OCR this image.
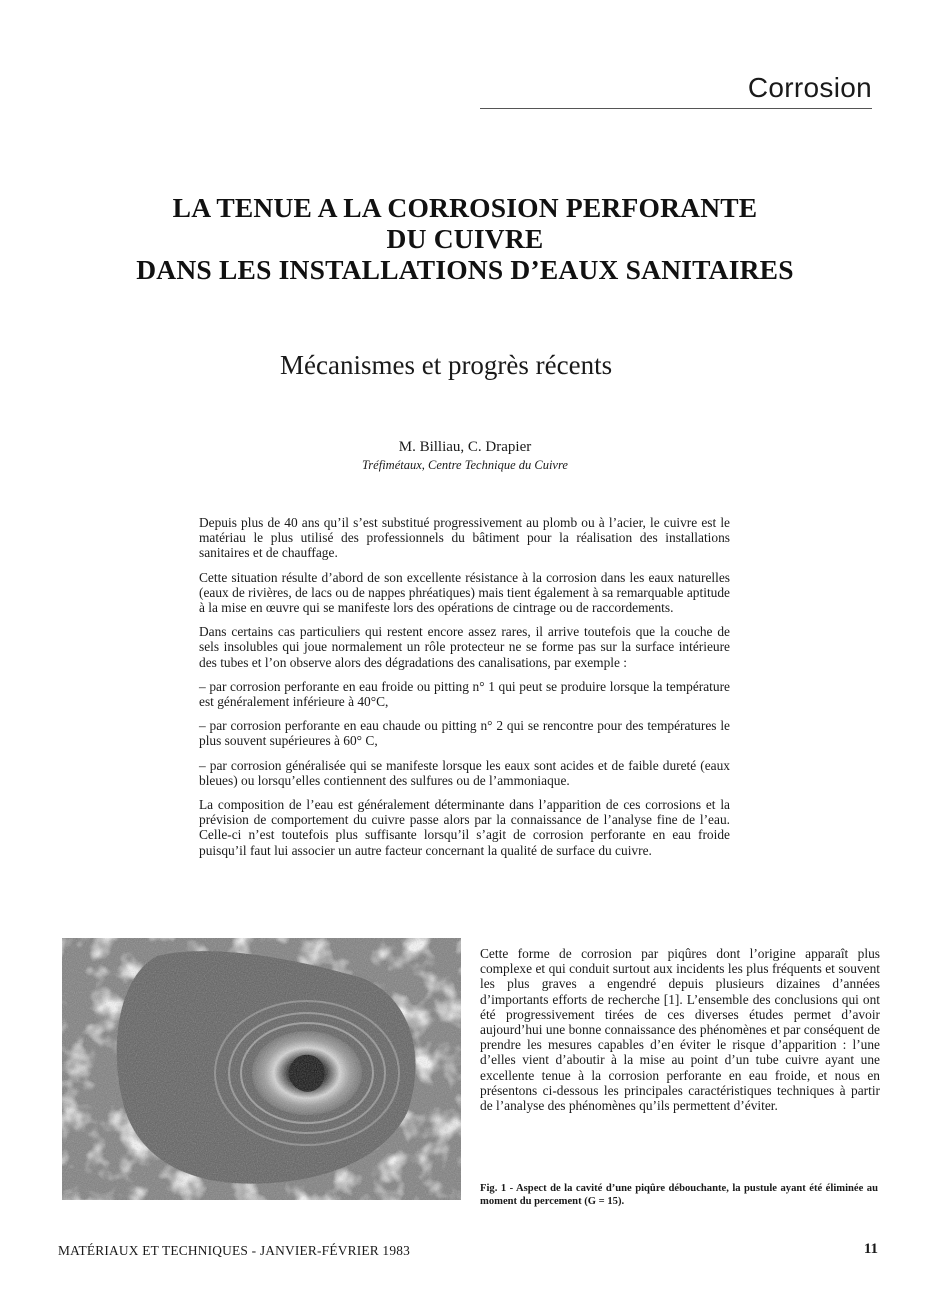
Corrosion
LA TENUE A LA CORROSION PERFORANTE
DU CUIVRE
DANS LES INSTALLATIONS D’EAUX SANITAIRES
Mécanismes et progrès récents
M. Billiau, C. Drapier
Tréfimétaux, Centre Technique du Cuivre

Depuis plus de 40 ans qu’il s’est substitué progressivement au plomb ou à l’acier, le cuivre est le matériau le plus utilisé des professionnels du bâtiment pour la réalisation des installations sanitaires et de chauffage.

Cette situation résulte d’abord de son excellente résistance à la corrosion dans les eaux naturelles (eaux de rivières, de lacs ou de nappes phréatiques) mais tient également à sa remarquable aptitude à la mise en œuvre qui se manifeste lors des opérations de cintrage ou de raccordements.

Dans certains cas particuliers qui restent encore assez rares, il arrive toutefois que la couche de sels insolubles qui joue normalement un rôle protecteur ne se forme pas sur la surface intérieure des tubes et l’on observe alors des dégradations des canalisations, par exemple :

– par corrosion perforante en eau froide ou pitting n° 1 qui peut se produire lorsque la température est généralement inférieure à 40°C,

– par corrosion perforante en eau chaude ou pitting n° 2 qui se rencontre pour des températures le plus souvent supérieures à 60° C,

– par corrosion généralisée qui se manifeste lorsque les eaux sont acides et de faible dureté (eaux bleues) ou lorsqu’elles contiennent des sulfures ou de l’ammoniaque.

La composition de l’eau est généralement déterminante dans l’apparition de ces corrosions et la prévision de comportement du cuivre passe alors par la connaissance de l’analyse fine de l’eau. Celle-ci n’est toutefois plus suffisante lorsqu’il s’agit de corrosion perforante en eau froide puisqu’il faut lui associer un autre facteur concernant la qualité de surface du cuivre.

Cette forme de corrosion par piqûres dont l’origine apparaît plus complexe et qui conduit surtout aux incidents les plus fréquents et souvent les plus graves a engendré depuis plusieurs dizaines d’années d’importants efforts de recherche [1]. L’ensemble des conclusions qui ont été progressivement tirées de ces diverses études permet d’avoir aujourd’hui une bonne connaissance des phénomènes et par conséquent de prendre les mesures capables d’en éviter le risque d’apparition : l’une d’elles vient d’aboutir à la mise au point d’un tube cuivre ayant une excellente tenue à la corrosion perforante en eau froide, et nous en présentons ci-dessous les principales caractéristiques techniques à partir de l’analyse des phénomènes qu’ils permettent d’éviter.

Fig. 1 - Aspect de la cavité d’une piqûre débouchante, la pustule ayant été éliminée au moment du percement (G = 15).
MATÉRIAUX ET TECHNIQUES - JANVIER-FÉVRIER 1983	11
